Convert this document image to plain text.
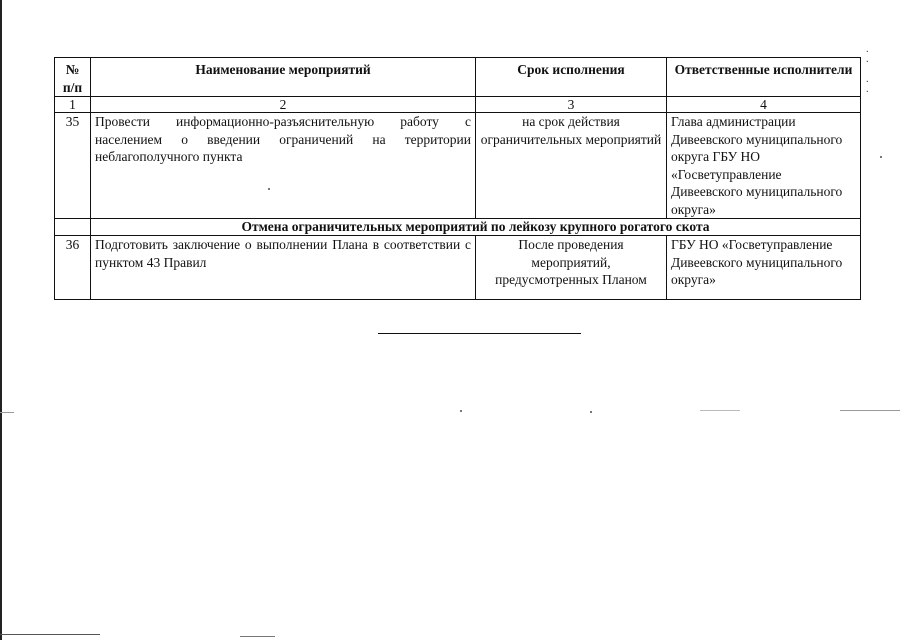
·
·

·
·
№ п/п	Наименование мероприятий	Срок исполнения	Ответственные исполнители
1	2	3	4
35	Провести информационно-разъяснительную работу с населением о введении ограничений на территории неблагополучного пункта	на срок действия ограничительных мероприятий	Глава администрации Дивеевского муниципального округа ГБУ НО «Госветуправление Дивеевского муниципального округа»
	Отмена ограничительных мероприятий по лейкозу крупного рогатого скота		
36	Подготовить заключение о выполнении Плана в соответствии с пунктом 43 Правил	После проведения мероприятий, предусмотренных Планом	ГБУ НО «Госветуправление Дивеевского муниципального округа»
